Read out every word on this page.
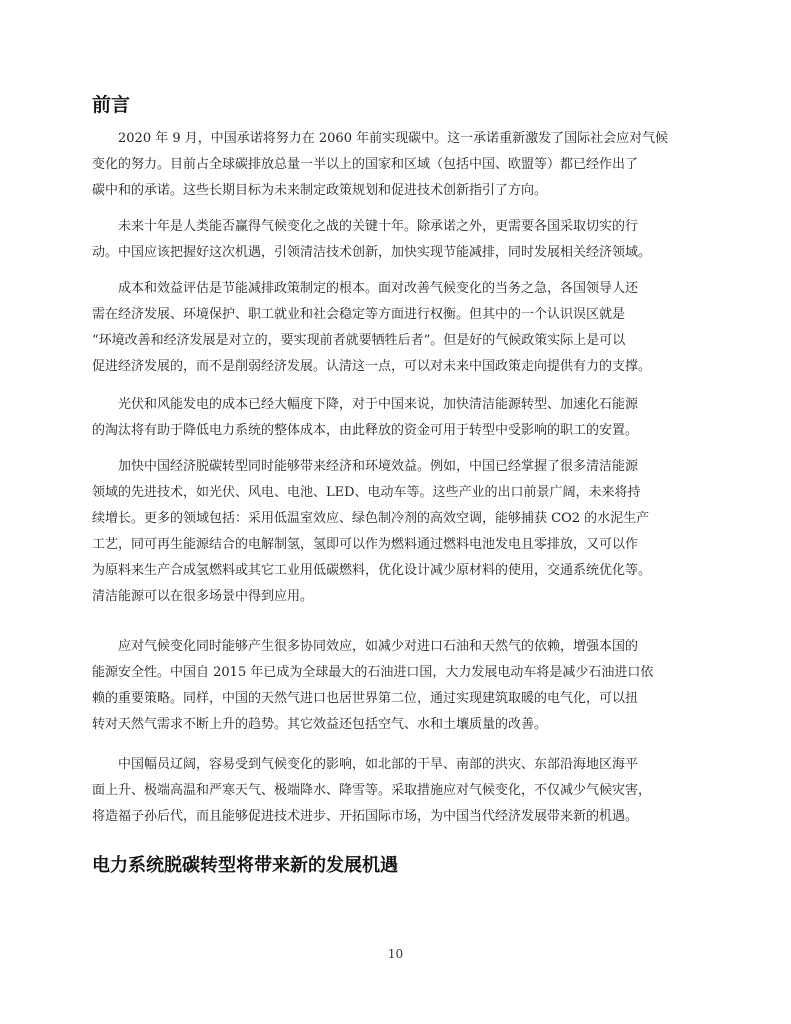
前言
2020 年 9 月，中国承诺将努力在 2060 年前实现碳中。这一承诺重新激发了国际社会应对气候
变化的努力。目前占全球碳排放总量一半以上的国家和区域（包括中国、欧盟等）都已经作出了
碳中和的承诺。这些长期目标为未来制定政策规划和促进技术创新指引了方向。
未来十年是人类能否赢得气候变化之战的关键十年。除承诺之外，更需要各国采取切实的行
动。中国应该把握好这次机遇，引领清洁技术创新，加快实现节能减排，同时发展相关经济领域。
成本和效益评估是节能减排政策制定的根本。面对改善气候变化的当务之急，各国领导人还
需在经济发展、环境保护、职工就业和社会稳定等方面进行权衡。但其中的一个认识误区就是
“环境改善和经济发展是对立的，要实现前者就要牺牲后者”。但是好的气候政策实际上是可以
促进经济发展的，而不是削弱经济发展。认清这一点，可以对未来中国政策走向提供有力的支撑。
光伏和风能发电的成本已经大幅度下降，对于中国来说，加快清洁能源转型、加速化石能源
的淘汰将有助于降低电力系统的整体成本，由此释放的资金可用于转型中受影响的职工的安置。
加快中国经济脱碳转型同时能够带来经济和环境效益。例如，中国已经掌握了很多清洁能源
领域的先进技术，如光伏、风电、电池、LED、电动车等。这些产业的出口前景广阔，未来将持
续增长。更多的领域包括：采用低温室效应、绿色制冷剂的高效空调，能够捕获 CO2 的水泥生产
工艺，同可再生能源结合的电解制氢，氢即可以作为燃料通过燃料电池发电且零排放，又可以作
为原料来生产合成氢燃料或其它工业用低碳燃料，优化设计减少原材料的使用，交通系统优化等。
清洁能源可以在很多场景中得到应用。
应对气候变化同时能够产生很多协同效应，如减少对进口石油和天然气的依赖，增强本国的
能源安全性。中国自 2015 年已成为全球最大的石油进口国，大力发展电动车将是减少石油进口依
赖的重要策略。同样，中国的天然气进口也居世界第二位，通过实现建筑取暖的电气化，可以扭
转对天然气需求不断上升的趋势。其它效益还包括空气、水和土壤质量的改善。
中国幅员辽阔，容易受到气候变化的影响，如北部的干旱、南部的洪灾、东部沿海地区海平
面上升、极端高温和严寒天气、极端降水、降雪等。采取措施应对气候变化，不仅减少气候灾害，
将造福子孙后代，而且能够促进技术进步、开拓国际市场，为中国当代经济发展带来新的机遇。
电力系统脱碳转型将带来新的发展机遇
10
